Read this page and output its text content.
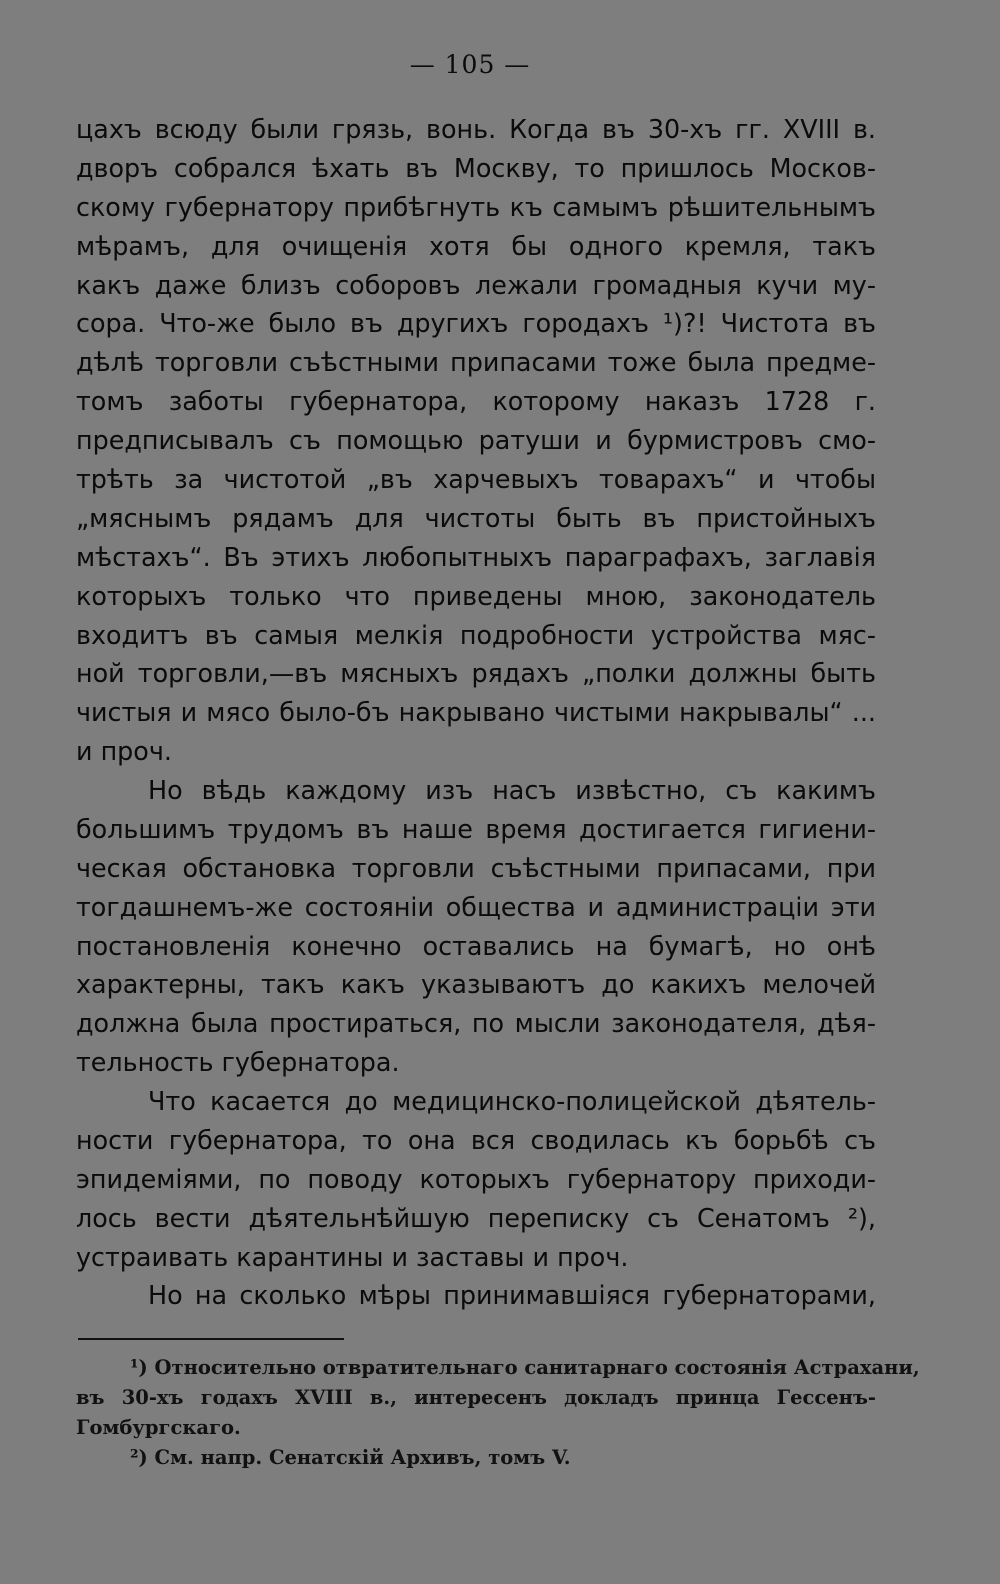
— 105 —
цахъ всюду были грязь, вонь. Когда въ 30-хъ гг. XVIII в.
дворъ собрался ѣхать въ Москву, то пришлось Москов-
скому губернатору прибѣгнуть къ самымъ рѣшительнымъ
мѣрамъ, для очищенія хотя бы одного кремля, такъ
какъ даже близъ соборовъ лежали громадныя кучи му-
сора. Что-же было въ другихъ городахъ ¹)?! Чистота въ
дѣлѣ торговли съѣстными припасами тоже была предме-
томъ заботы губернатора, которому наказъ 1728 г.
предписывалъ съ помощью ратуши и бурмистровъ смо-
трѣть за чистотой „въ харчевыхъ товарахъ“ и чтобы
„мяснымъ рядамъ для чистоты быть въ пристойныхъ
мѣстахъ“. Въ этихъ любопытныхъ параграфахъ, заглавія
которыхъ только что приведены мною, законодатель
входитъ въ самыя мелкія подробности устройства мяс-
ной торговли,—въ мясныхъ рядахъ „полки должны быть
чистыя и мясо было-бъ накрывано чистыми накрывалы“ ...
и проч.
Но вѣдь каждому изъ насъ извѣстно, съ какимъ
большимъ трудомъ въ наше время достигается гигиени-
ческая обстановка торговли съѣстными припасами, при
тогдашнемъ-же состояніи общества и администраціи эти
постановленія конечно оставались на бумагѣ, но онѣ
характерны, такъ какъ указываютъ до какихъ мелочей
должна была простираться, по мысли законодателя, дѣя-
тельность губернатора.
Что касается до медицинско-полицейской дѣятель-
ности губернатора, то она вся сводилась къ борьбѣ съ
эпидеміями, по поводу которыхъ губернатору приходи-
лось вести дѣятельнѣйшую переписку съ Сенатомъ ²),
устраивать карантины и заставы и проч.
Но на сколько мѣры принимавшіяся губернаторами,
¹) Относительно отвратительнаго санитарнаго состоянія Астрахани,
въ 30-хъ годахъ XVIII в., интересенъ докладъ принца Гессенъ-
Гомбургскаго.
²) См. напр. Сенатскій Архивъ, томъ V.
